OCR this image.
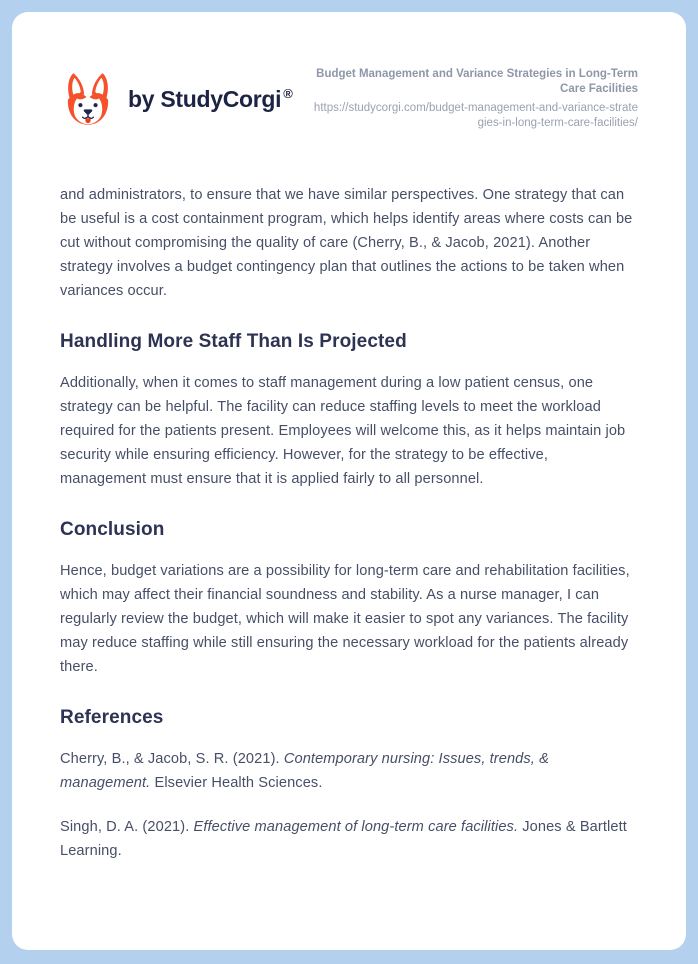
by StudyCorgi ®
Budget Management and Variance Strategies in Long-Term Care Facilities
https://studycorgi.com/budget-management-and-variance-strategies-in-long-term-care-facilities/

and administrators, to ensure that we have similar perspectives. One strategy that can be useful is a cost containment program, which helps identify areas where costs can be cut without compromising the quality of care (Cherry, B., & Jacob, 2021). Another strategy involves a budget contingency plan that outlines the actions to be taken when variances occur.

Handling More Staff Than Is Projected

Additionally, when it comes to staff management during a low patient census, one strategy can be helpful. The facility can reduce staffing levels to meet the workload required for the patients present. Employees will welcome this, as it helps maintain job security while ensuring efficiency. However, for the strategy to be effective, management must ensure that it is applied fairly to all personnel.

Conclusion

Hence, budget variations are a possibility for long-term care and rehabilitation facilities, which may affect their financial soundness and stability. As a nurse manager, I can regularly review the budget, which will make it easier to spot any variances. The facility may reduce staffing while still ensuring the necessary workload for the patients already there.

References

Cherry, B., & Jacob, S. R. (2021). Contemporary nursing: Issues, trends, & management. Elsevier Health Sciences.

Singh, D. A. (2021). Effective management of long-term care facilities. Jones & Bartlett Learning.
